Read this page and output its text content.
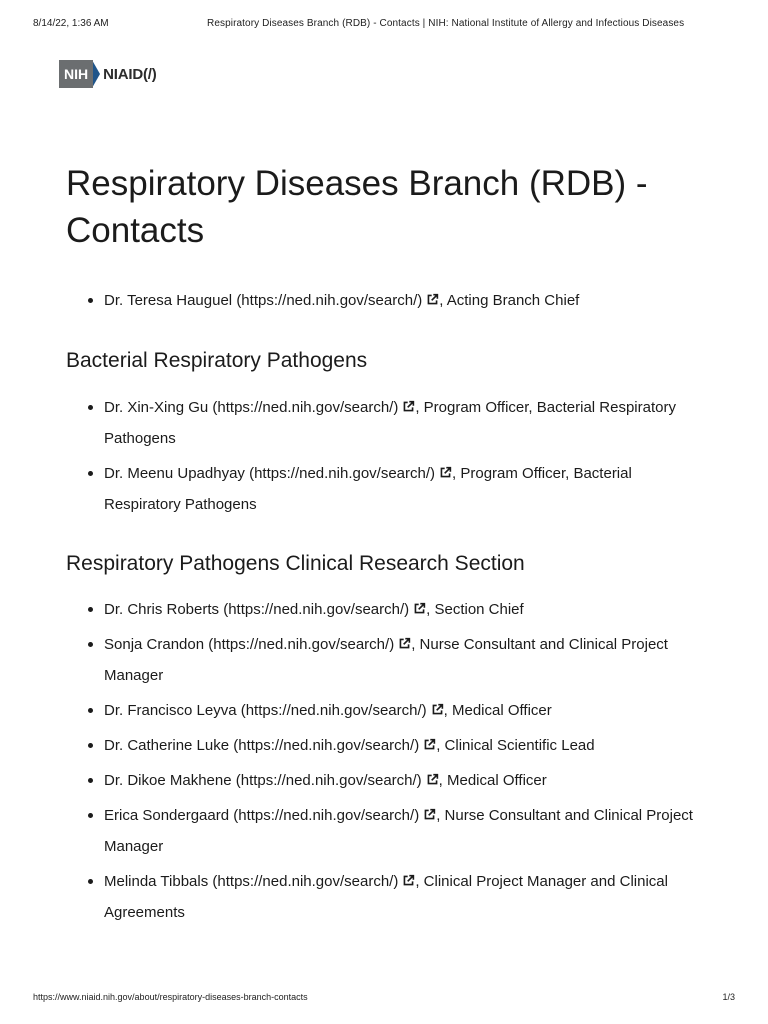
8/14/22, 1:36 AM	Respiratory Diseases Branch (RDB) - Contacts | NIH: National Institute of Allergy and Infectious Diseases
NIH	NIAID(/)
Respiratory Diseases Branch (RDB) - Contacts
Dr. Teresa Hauguel (https://ned.nih.gov/search/) , Acting Branch Chief
Bacterial Respiratory Pathogens
Dr. Xin-Xing Gu (https://ned.nih.gov/search/) , Program Officer, Bacterial Respiratory Pathogens
Dr. Meenu Upadhyay (https://ned.nih.gov/search/) , Program Officer, Bacterial Respiratory Pathogens
Respiratory Pathogens Clinical Research Section
Dr. Chris Roberts (https://ned.nih.gov/search/) , Section Chief
Sonja Crandon (https://ned.nih.gov/search/) , Nurse Consultant and Clinical Project Manager
Dr. Francisco Leyva (https://ned.nih.gov/search/) , Medical Officer
Dr. Catherine Luke (https://ned.nih.gov/search/) , Clinical Scientific Lead
Dr. Dikoe Makhene (https://ned.nih.gov/search/) , Medical Officer
Erica Sondergaard (https://ned.nih.gov/search/) , Nurse Consultant and Clinical Project Manager
Melinda Tibbals (https://ned.nih.gov/search/) , Clinical Project Manager and Clinical Agreements
https://www.niaid.nih.gov/about/respiratory-diseases-branch-contacts	1/3
